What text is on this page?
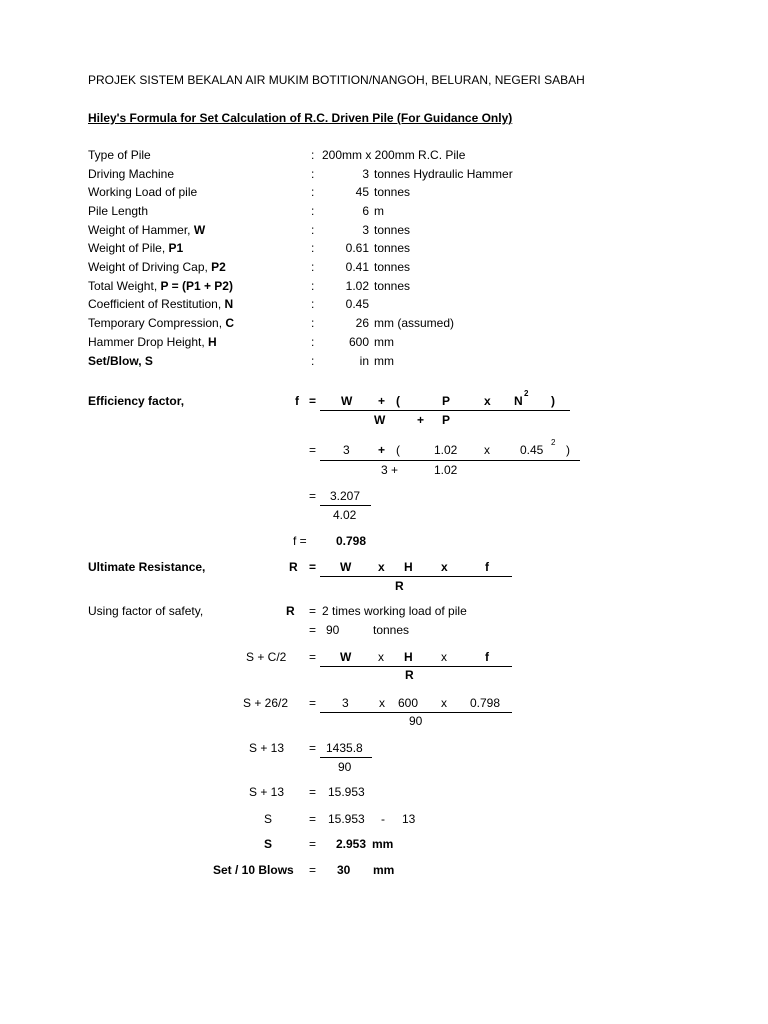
PROJEK SISTEM BEKALAN AIR MUKIM BOTITION/NANGOH, BELURAN, NEGERI SABAH
Hiley's Formula for Set Calculation of R.C. Driven Pile (For Guidance Only)
Type of Pile	: 200mm x 200mm R.C. Pile
Driving Machine	:	3 tonnes Hydraulic Hammer
Working Load of pile	:	45 tonnes
Pile Length	:	6 m
Weight of Hammer, W	:	3 tonnes
Weight of Pile, P1	:	0.61 tonnes
Weight of Driving Cap, P2	:	0.41 tonnes
Total Weight, P = (P1 + P2)	:	1.02 tonnes
Coefficient of Restitution, N	:	0.45
Temporary Compression, C	:	26 mm (assumed)
Hammer Drop Height, H	:	600 mm
Set/Blow, S	:	in mm
Efficiency factor,	f = W + (	P	x N
2
)
W	+ P
= 3 + (	1.02 x	0.45
2
)
3 +	1.02
= 3.207
4.02
f = 0.798
Ultimate Resistance,	R = W x H x	f
R
Using factor of safety,	R = 2 times working load of pile
= 90	tonnes
S + C/2 = W x H x	f
R
S + 26/2 = 3	x 600 x 0.798
90
S + 13 = 1435.8
90
S + 13 = 15.953
S	= 15.953 - 13
S	= 2.953 mm
Set / 10 Blows = 30 mm
